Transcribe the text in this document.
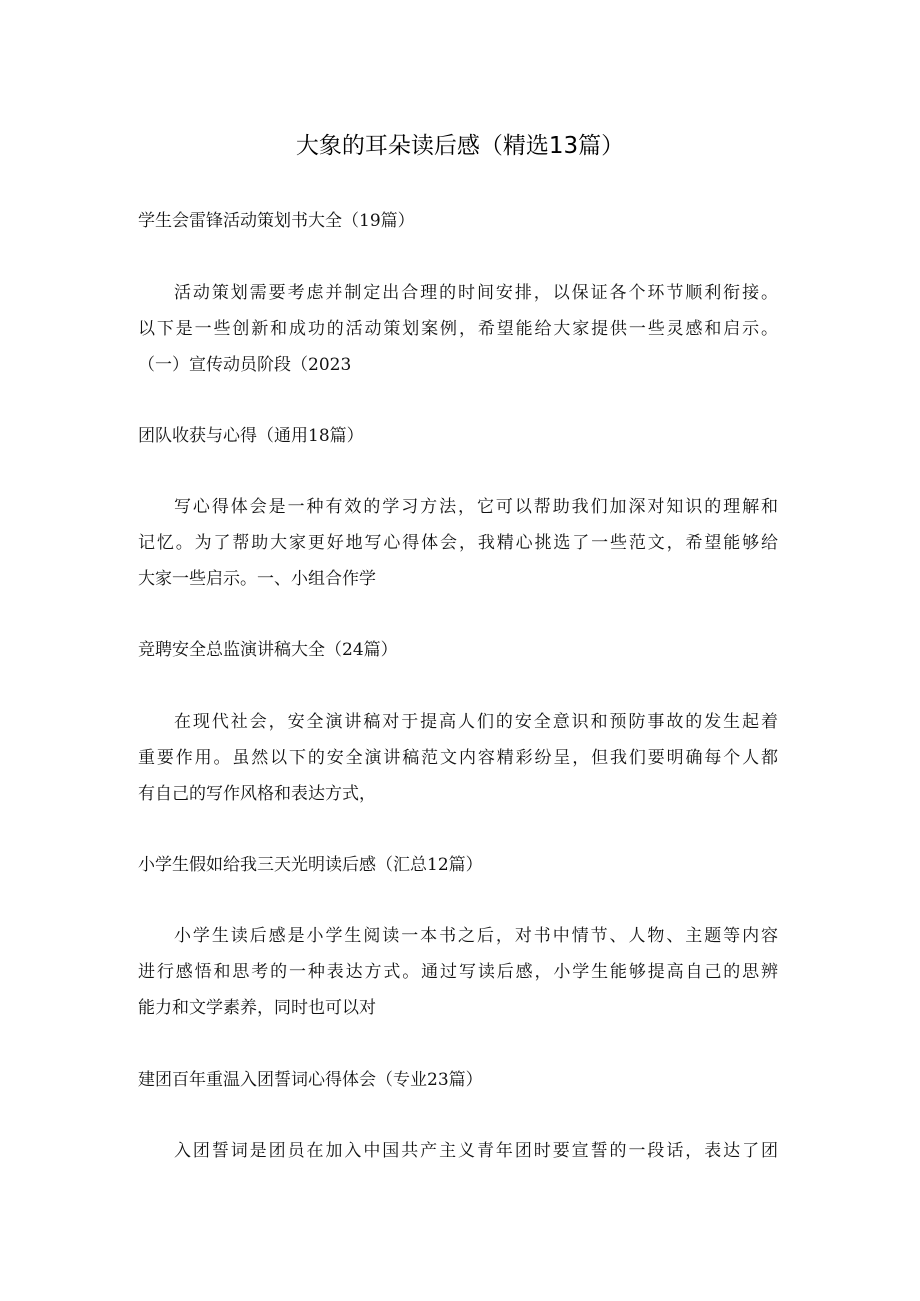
大象的耳朵读后感（精选13篇）
学生会雷锋活动策划书大全（19篇）
活动策划需要考虑并制定出合理的时间安排，以保证各个环节顺利衔接。
以下是一些创新和成功的活动策划案例，希望能给大家提供一些灵感和启示。
（一）宣传动员阶段（2023
团队收获与心得（通用18篇）
写心得体会是一种有效的学习方法，它可以帮助我们加深对知识的理解和
记忆。为了帮助大家更好地写心得体会，我精心挑选了一些范文，希望能够给
大家一些启示。一、小组合作学
竞聘安全总监演讲稿大全（24篇）
在现代社会，安全演讲稿对于提高人们的安全意识和预防事故的发生起着
重要作用。虽然以下的安全演讲稿范文内容精彩纷呈，但我们要明确每个人都
有自己的写作风格和表达方式，
小学生假如给我三天光明读后感（汇总12篇）
小学生读后感是小学生阅读一本书之后，对书中情节、人物、主题等内容
进行感悟和思考的一种表达方式。通过写读后感，小学生能够提高自己的思辨
能力和文学素养，同时也可以对
建团百年重温入团誓词心得体会（专业23篇）
入团誓词是团员在加入中国共产主义青年团时要宣誓的一段话，表达了团
